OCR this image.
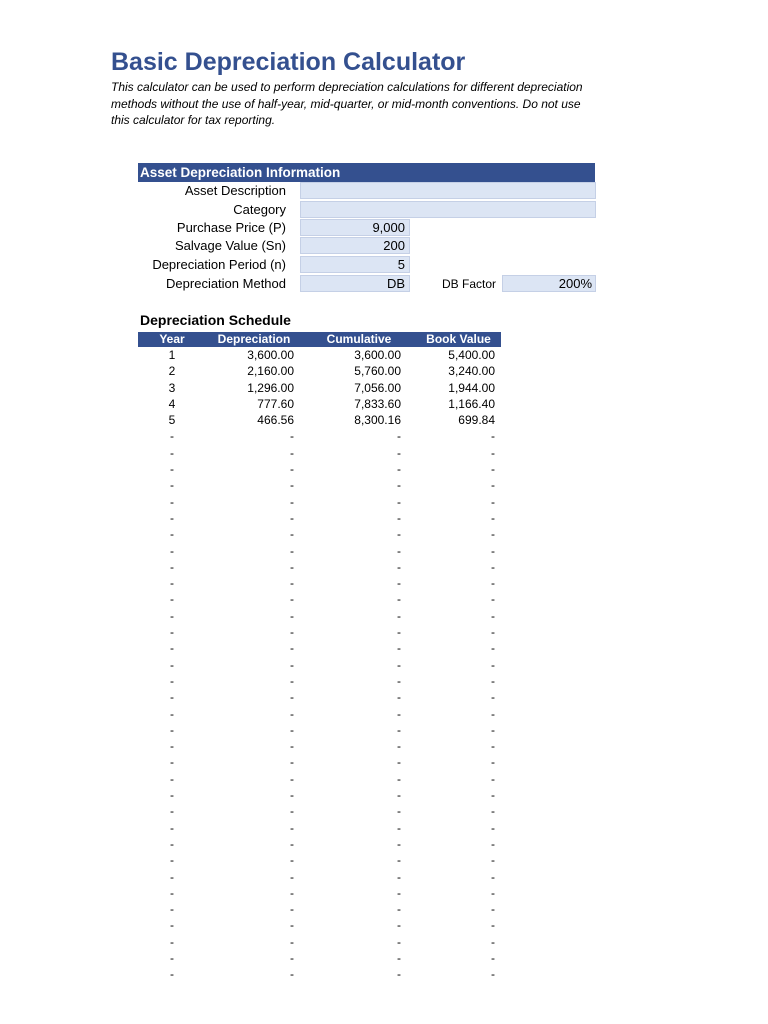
Basic Depreciation Calculator
This calculator can be used to perform depreciation calculations for different depreciation
methods without the use of half-year, mid-quarter, or mid-month conventions. Do not use
this calculator for tax reporting.
Asset Depreciation Information
Asset Description
Category
Purchase Price (P)	9,000
Salvage Value (Sn)	200
Depreciation Period (n)	5
Depreciation Method	DB	DB Factor	200%
Depreciation Schedule
Year	Depreciation	Cumulative	Book Value
1	3,600.00	3,600.00	5,400.00
2	2,160.00	5,760.00	3,240.00
3	1,296.00	7,056.00	1,944.00
4	777.60	7,833.60	1,166.40
5	466.56	8,300.16	699.84
-	-	-	-
-	-	-	-
-	-	-	-
-	-	-	-
-	-	-	-
-	-	-	-
-	-	-	-
-	-	-	-
-	-	-	-
-	-	-	-
-	-	-	-
-	-	-	-
-	-	-	-
-	-	-	-
-	-	-	-
-	-	-	-
-	-	-	-
-	-	-	-
-	-	-	-
-	-	-	-
-	-	-	-
-	-	-	-
-	-	-	-
-	-	-	-
-	-	-	-
-	-	-	-
-	-	-	-
-	-	-	-
-	-	-	-
-	-	-	-
-	-	-	-
-	-	-	-
-	-	-	-
-	-	-	-
